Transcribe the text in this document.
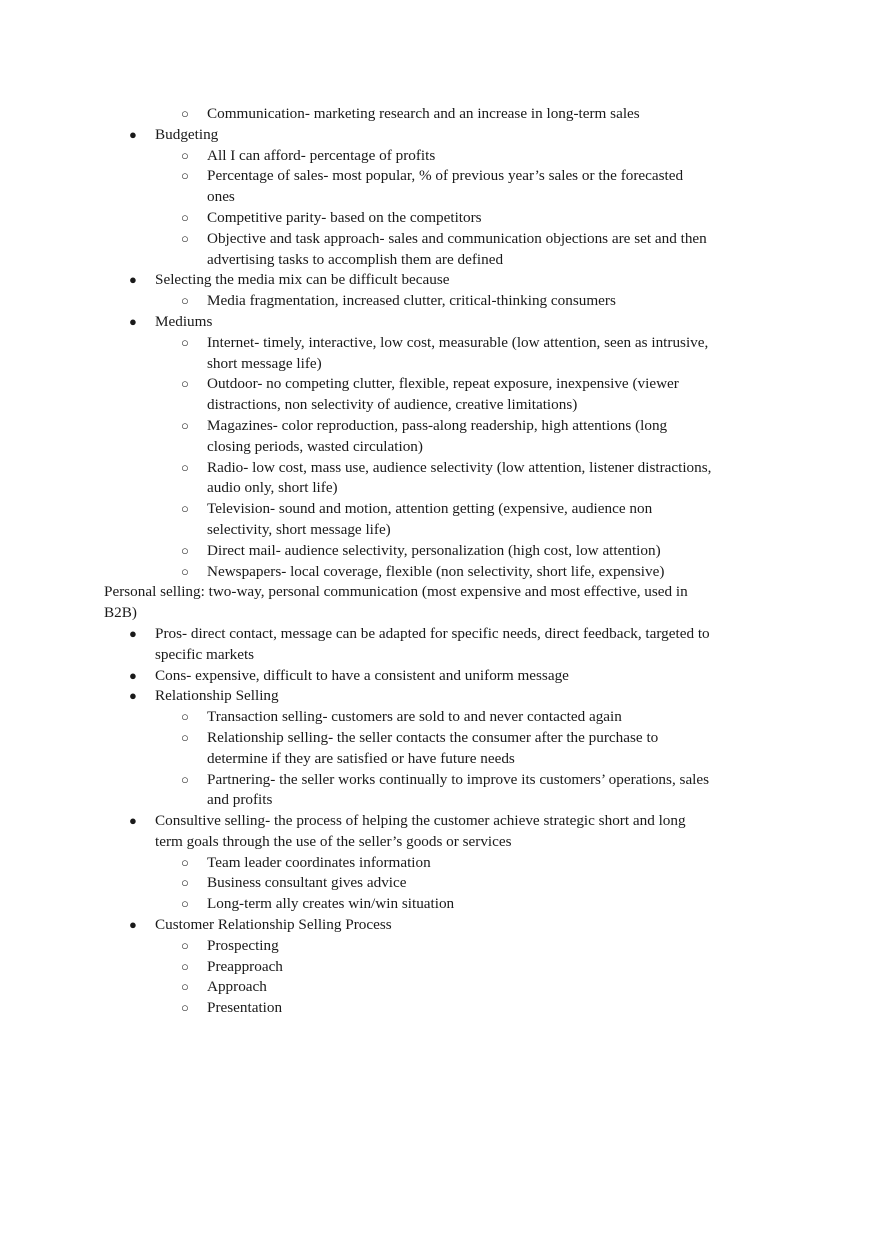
○ Communication- marketing research and an increase in long-term sales
● Budgeting
○ All I can afford- percentage of profits
○ Percentage of sales- most popular, % of previous year’s sales or the forecasted ones
○ Competitive parity- based on the competitors
○ Objective and task approach- sales and communication objections are set and then advertising tasks to accomplish them are defined
● Selecting the media mix can be difficult because
○ Media fragmentation, increased clutter, critical-thinking consumers
● Mediums
○ Internet- timely, interactive, low cost, measurable (low attention, seen as intrusive, short message life)
○ Outdoor- no competing clutter, flexible, repeat exposure, inexpensive (viewer distractions, non selectivity of audience, creative limitations)
○ Magazines- color reproduction, pass-along readership, high attentions (long closing periods, wasted circulation)
○ Radio- low cost, mass use, audience selectivity (low attention, listener distractions, audio only, short life)
○ Television- sound and motion, attention getting (expensive, audience non selectivity, short message life)
○ Direct mail- audience selectivity, personalization (high cost, low attention)
○ Newspapers- local coverage, flexible (non selectivity, short life, expensive)

Personal selling: two-way, personal communication (most expensive and most effective, used in B2B)

● Pros- direct contact, message can be adapted for specific needs, direct feedback, targeted to specific markets
● Cons- expensive, difficult to have a consistent and uniform message
● Relationship Selling
○ Transaction selling- customers are sold to and never contacted again
○ Relationship selling- the seller contacts the consumer after the purchase to determine if they are satisfied or have future needs
○ Partnering- the seller works continually to improve its customers’ operations, sales and profits
● Consultive selling- the process of helping the customer achieve strategic short and long term goals through the use of the seller’s goods or services
○ Team leader coordinates information
○ Business consultant gives advice
○ Long-term ally creates win/win situation
● Customer Relationship Selling Process
○ Prospecting
○ Preapproach
○ Approach
○ Presentation
